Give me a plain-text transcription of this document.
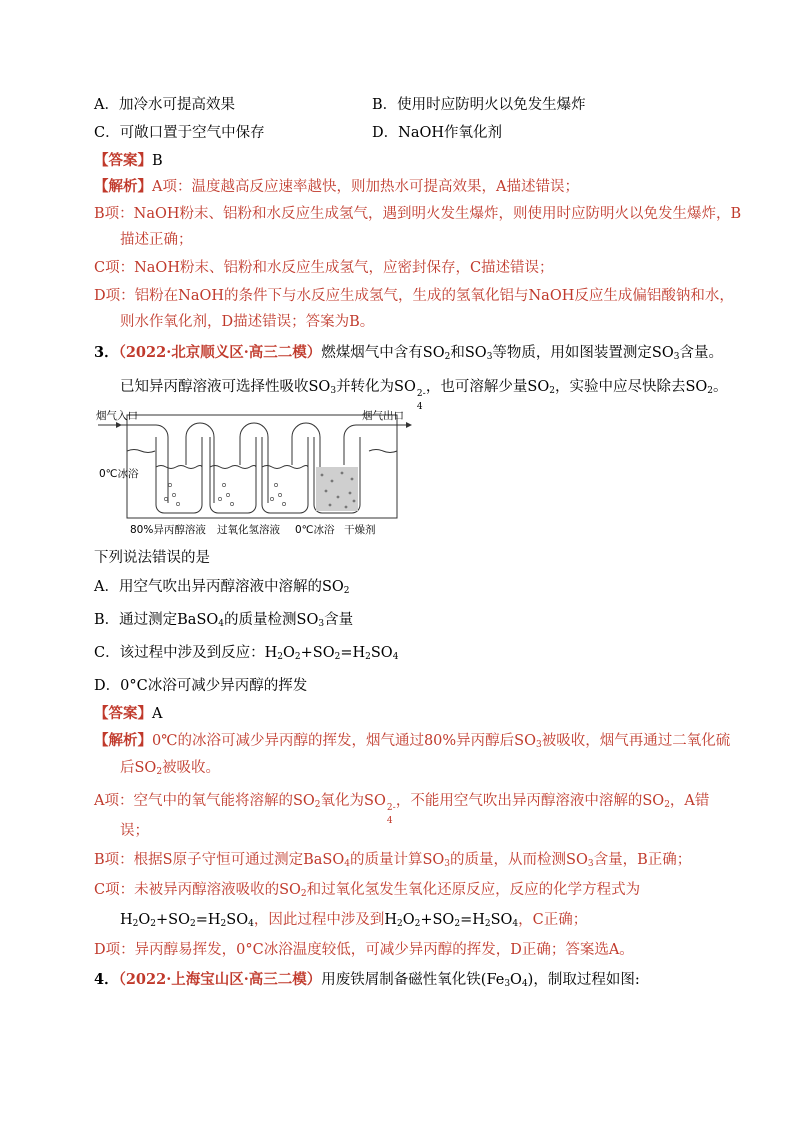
A．加冷水可提高效果	B．使用时应防明火以免发生爆炸
C．可敞口置于空气中保存	D．NaOH作氧化剂
【答案】B
【解析】A项：温度越高反应速率越快，则加热水可提高效果，A描述错误；
B项：NaOH粉末、铝粉和水反应生成氢气，遇到明火发生爆炸，则使用时应防明火以免发生爆炸，B
描述正确；
C项：NaOH粉末、铝粉和水反应生成氢气，应密封保存，C描述错误；
D项：铝粉在NaOH的条件下与水反应生成氢气，生成的氢氧化铝与NaOH反应生成偏铝酸钠和水，
则水作氧化剂，D描述错误；答案为B。
3．（2022·北京顺义区·高三二模）燃煤烟气中含有$SO_2$和$SO_3$等物质，用如图装置测定$SO_3$含量。
已知异丙醇溶液可选择性吸收$SO_3$并转化为SO 2-
4
，也可溶解少量$SO_2$，实验中应尽快除去$SO_2$。
烟气入口	烟气出口
0℃冰浴
80%异丙醇溶液 过氧化氢溶液 0℃冰浴 干燥剂
下列说法错误的是
A．用空气吹出异丙醇溶液中溶解的$SO_2$
B．通过测定BaSO$_4$的质量检测$SO_3$含量
C．该过程中涉及到反应：$H_2O_2+SO_2=H_2SO_4$
D．0°C冰浴可减少异丙醇的挥发
【答案】A
【解析】0℃的冰浴可减少异丙醇的挥发，烟气通过80%异丙醇后$SO_3$被吸收，烟气再通过二氧化硫
后$SO_2$被吸收。
A项：空气中的氧气能将溶解的$SO_2$氧化为SO 2-
4
，不能用空气吹出异丙醇溶液中溶解的$SO_2$，A错
误；
B项：根据S原子守恒可通过测定BaSO$_4$的质量计算$SO_3$的质量，从而检测$SO_3$含量，B正确；
C项：未被异丙醇溶液吸收的$SO_2$和过氧化氢发生氧化还原反应，反应的化学方程式为
$H_2O_2+SO_2=H_2SO_4$，因此过程中涉及到$H_2O_2+SO_2=H_2SO_4$，C正确；
D项：异丙醇易挥发，0°C冰浴温度较低，可减少异丙醇的挥发，D正确；答案选A。
4．（2022·上海宝山区·高三二模）用废铁屑制备磁性氧化铁$(Fe_3O_4)$，制取过程如图:
